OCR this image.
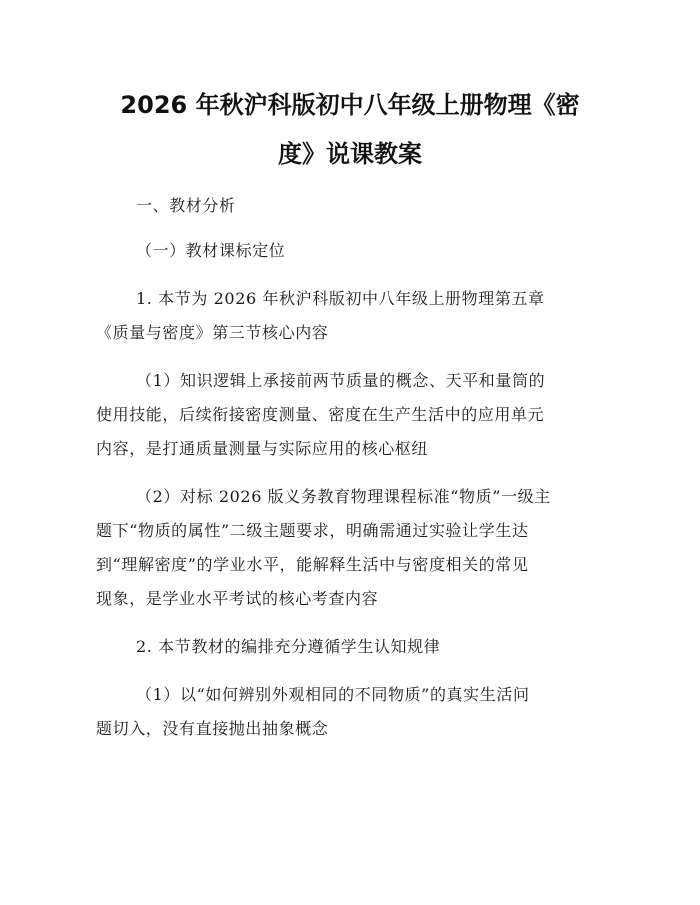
2026 年秋沪科版初中八年级上册物理《密
度》说课教案
一、教材分析
（一）教材课标定位
1. 本节为 2026 年秋沪科版初中八年级上册物理第五章
《质量与密度》第三节核心内容
（1）知识逻辑上承接前两节质量的概念、天平和量筒的
使用技能，后续衔接密度测量、密度在生产生活中的应用单元
内容，是打通质量测量与实际应用的核心枢纽
（2）对标 2026 版义务教育物理课程标准“物质”一级主
题下“物质的属性”二级主题要求，明确需通过实验让学生达
到“理解密度”的学业水平，能解释生活中与密度相关的常见
现象，是学业水平考试的核心考查内容
2. 本节教材的编排充分遵循学生认知规律
（1）以“如何辨别外观相同的不同物质”的真实生活问
题切入，没有直接抛出抽象概念
